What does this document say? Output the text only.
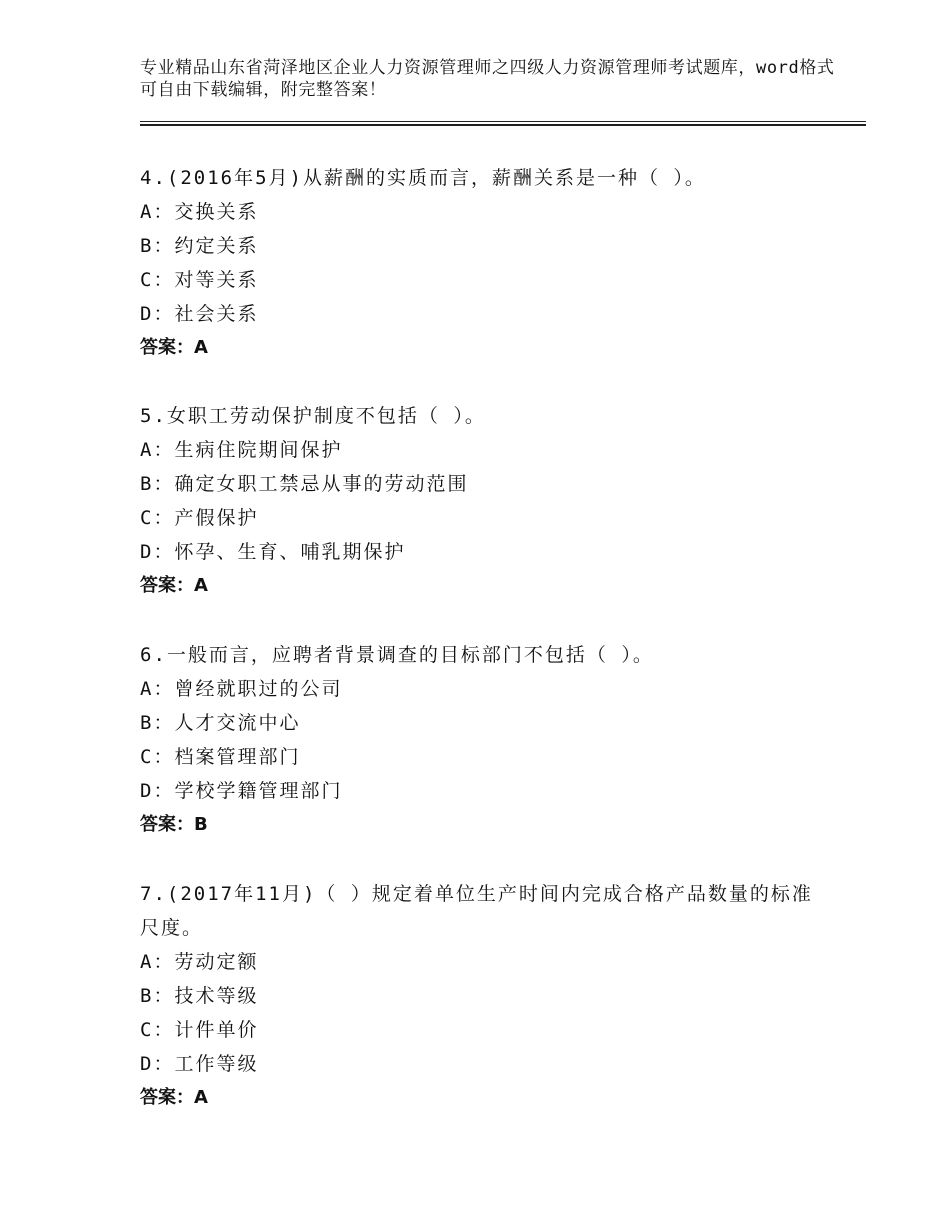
专业精品山东省菏泽地区企业人力资源管理师之四级人力资源管理师考试题库，word格式可自由下载编辑，附完整答案！
4.(2016年5月)从薪酬的实质而言，薪酬关系是一种（ ）。
A：交换关系
B：约定关系
C：对等关系
D：社会关系
答案：A
5.女职工劳动保护制度不包括（ ）。
A：生病住院期间保护
B：确定女职工禁忌从事的劳动范围
C：产假保护
D：怀孕、生育、哺乳期保护
答案：A
6.一般而言，应聘者背景调查的目标部门不包括（ ）。
A：曾经就职过的公司
B：人才交流中心
C：档案管理部门
D：学校学籍管理部门
答案：B
7.(2017年11月)（ ）规定着单位生产时间内完成合格产品数量的标准尺度。
A：劳动定额
B：技术等级
C：计件单价
D：工作等级
答案：A
